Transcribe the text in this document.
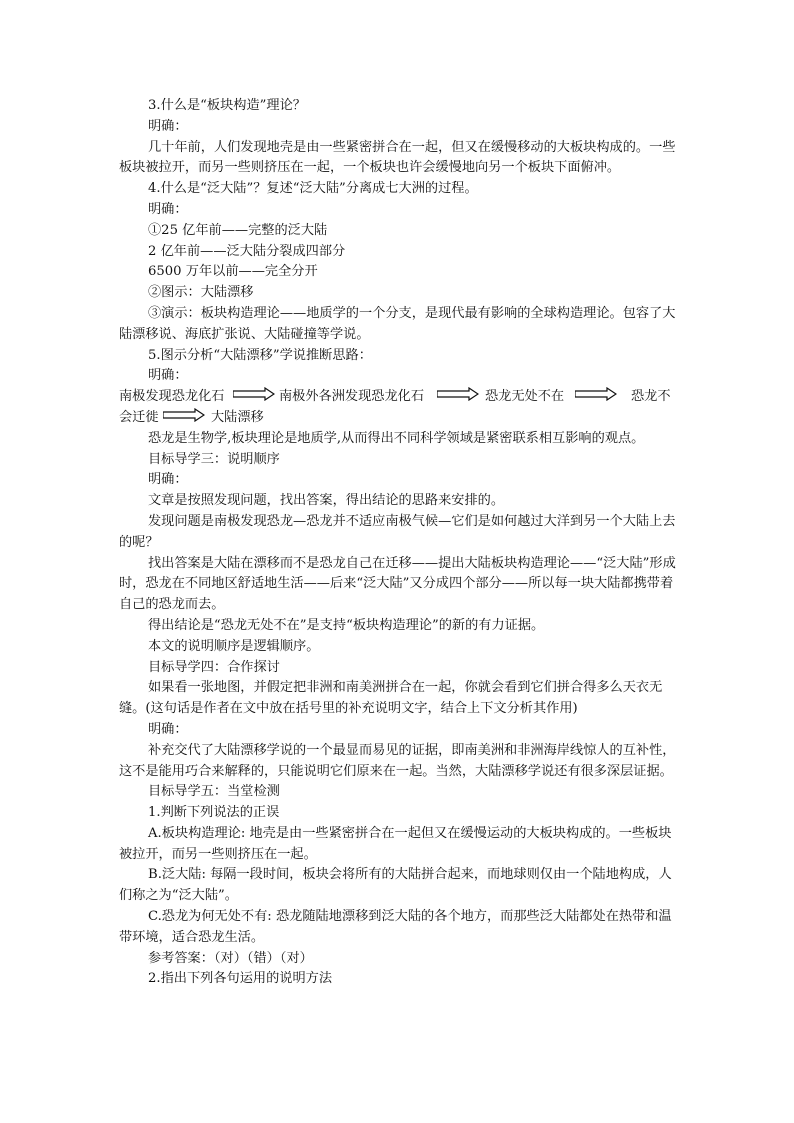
3.什么是“板块构造”理论？

明确：

几十年前，人们发现地壳是由一些紧密拼合在一起，但又在缓慢移动的大板块构成的。一些板块被拉开，而另一些则挤压在一起，一个板块也许会缓慢地向另一个板块下面俯冲。

4.什么是“泛大陆”？复述“泛大陆”分离成七大洲的过程。

明确：

①25 亿年前——完整的泛大陆

2 亿年前——泛大陆分裂成四部分

6500 万年以前——完全分开

②图示：大陆漂移

③演示：板块构造理论——地质学的一个分支，是现代最有影响的全球构造理论。包容了大陆漂移说、海底扩张说、大陆碰撞等学说。

5.图示分析“大陆漂移”学说推断思路：

明确：

南极发现恐龙化石	南极外各洲发现恐龙化石	恐龙无处不在	恐龙不
会迁徙	大陆漂移

恐龙是生物学,板块理论是地质学,从而得出不同科学领域是紧密联系相互影响的观点。

目标导学三：说明顺序

明确：

文章是按照发现问题，找出答案，得出结论的思路来安排的。

发现问题是南极发现恐龙—恐龙并不适应南极气候—它们是如何越过大洋到另一个大陆上去的呢？

找出答案是大陆在漂移而不是恐龙自己在迁移——提出大陆板块构造理论——“泛大陆”形成时，恐龙在不同地区舒适地生活——后来“泛大陆”又分成四个部分——所以每一块大陆都携带着自己的恐龙而去。

得出结论是“恐龙无处不在”是支持“板块构造理论”的新的有力证据。

本文的说明顺序是逻辑顺序。

目标导学四：合作探讨

如果看一张地图，并假定把非洲和南美洲拼合在一起，你就会看到它们拼合得多么天衣无缝。(这句话是作者在文中放在括号里的补充说明文字，结合上下文分析其作用)

明确：

补充交代了大陆漂移学说的一个最显而易见的证据，即南美洲和非洲海岸线惊人的互补性，这不是能用巧合来解释的，只能说明它们原来在一起。当然，大陆漂移学说还有很多深层证据。

目标导学五：当堂检测

1.判断下列说法的正误

A.板块构造理论: 地壳是由一些紧密拼合在一起但又在缓慢运动的大板块构成的。一些板块被拉开，而另一些则挤压在一起。

B.泛大陆: 每隔一段时间，板块会将所有的大陆拼合起来，而地球则仅由一个陆地构成，人们称之为“泛大陆”。

C.恐龙为何无处不有: 恐龙随陆地漂移到泛大陆的各个地方，而那些泛大陆都处在热带和温带环境，适合恐龙生活。

参考答案：（对）（错）（对）

2.指出下列各句运用的说明方法
